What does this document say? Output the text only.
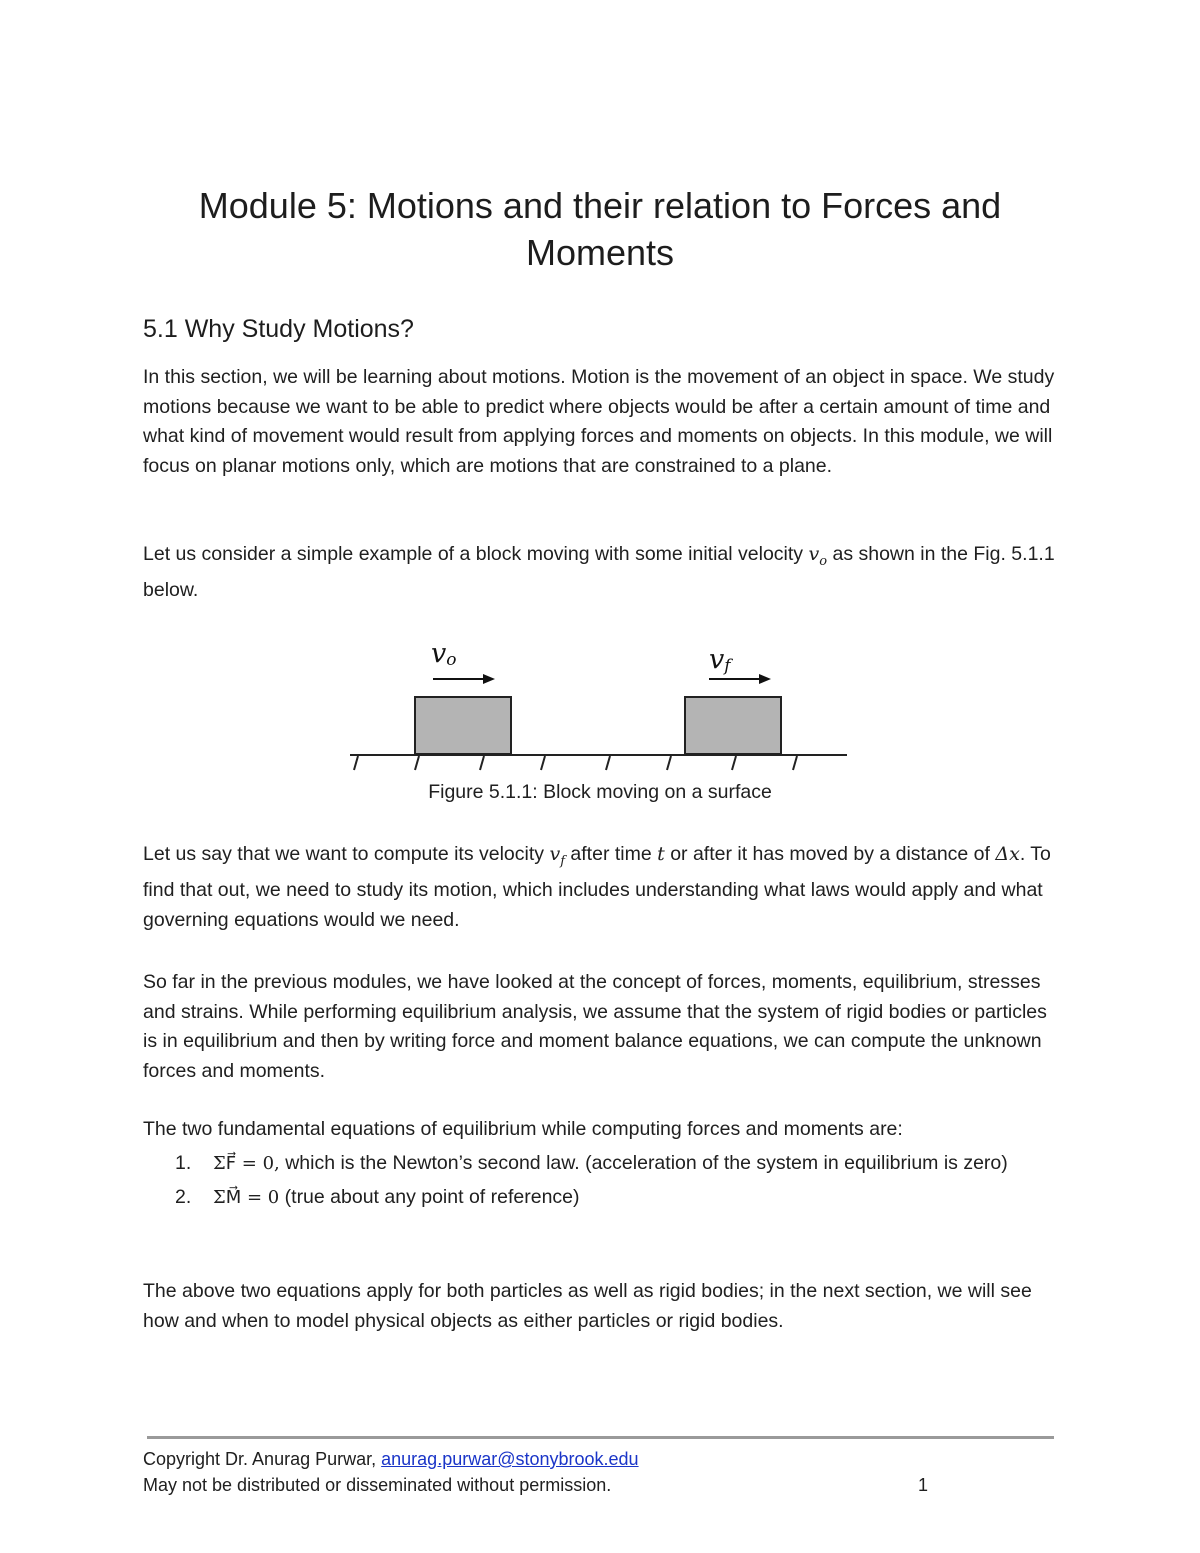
Module 5: Motions and their relation to Forces and
Moments
5.1 Why Study Motions?

In this section, we will be learning about motions. Motion is the movement of an object in space. We study motions because we want to be able to predict where objects would be after a certain amount of time and what kind of movement would result from applying forces and moments on objects. In this module, we will focus on planar motions only, which are motions that are constrained to a plane.

Let us consider a simple example of a block moving with some initial velocity $v_o$ as shown in the Fig. 5.1.1 below.

vo	vf
Figure 5.1.1: Block moving on a surface

Let us say that we want to compute its velocity $v_f$ after time t or after it has moved by a distance of Δx. To find that out, we need to study its motion, which includes understanding what laws would apply and what governing equations would we need.

So far in the previous modules, we have looked at the concept of forces, moments, equilibrium, stresses and strains. While performing equilibrium analysis, we assume that the system of rigid bodies or particles is in equilibrium and then by writing force and moment balance equations, we can compute the unknown forces and moments.

The two fundamental equations of equilibrium while computing forces and moments are:

1. ΣF⃗ = 0, which is the Newton’s second law. (acceleration of the system in equilibrium is zero)
2. ΣM⃗ = 0 (true about any point of reference)

The above two equations apply for both particles as well as rigid bodies; in the next section, we will see how and when to model physical objects as either particles or rigid bodies.

Copyright Dr. Anurag Purwar, anurag.purwar@stonybrook.edu
May not be distributed or disseminated without permission.	1
